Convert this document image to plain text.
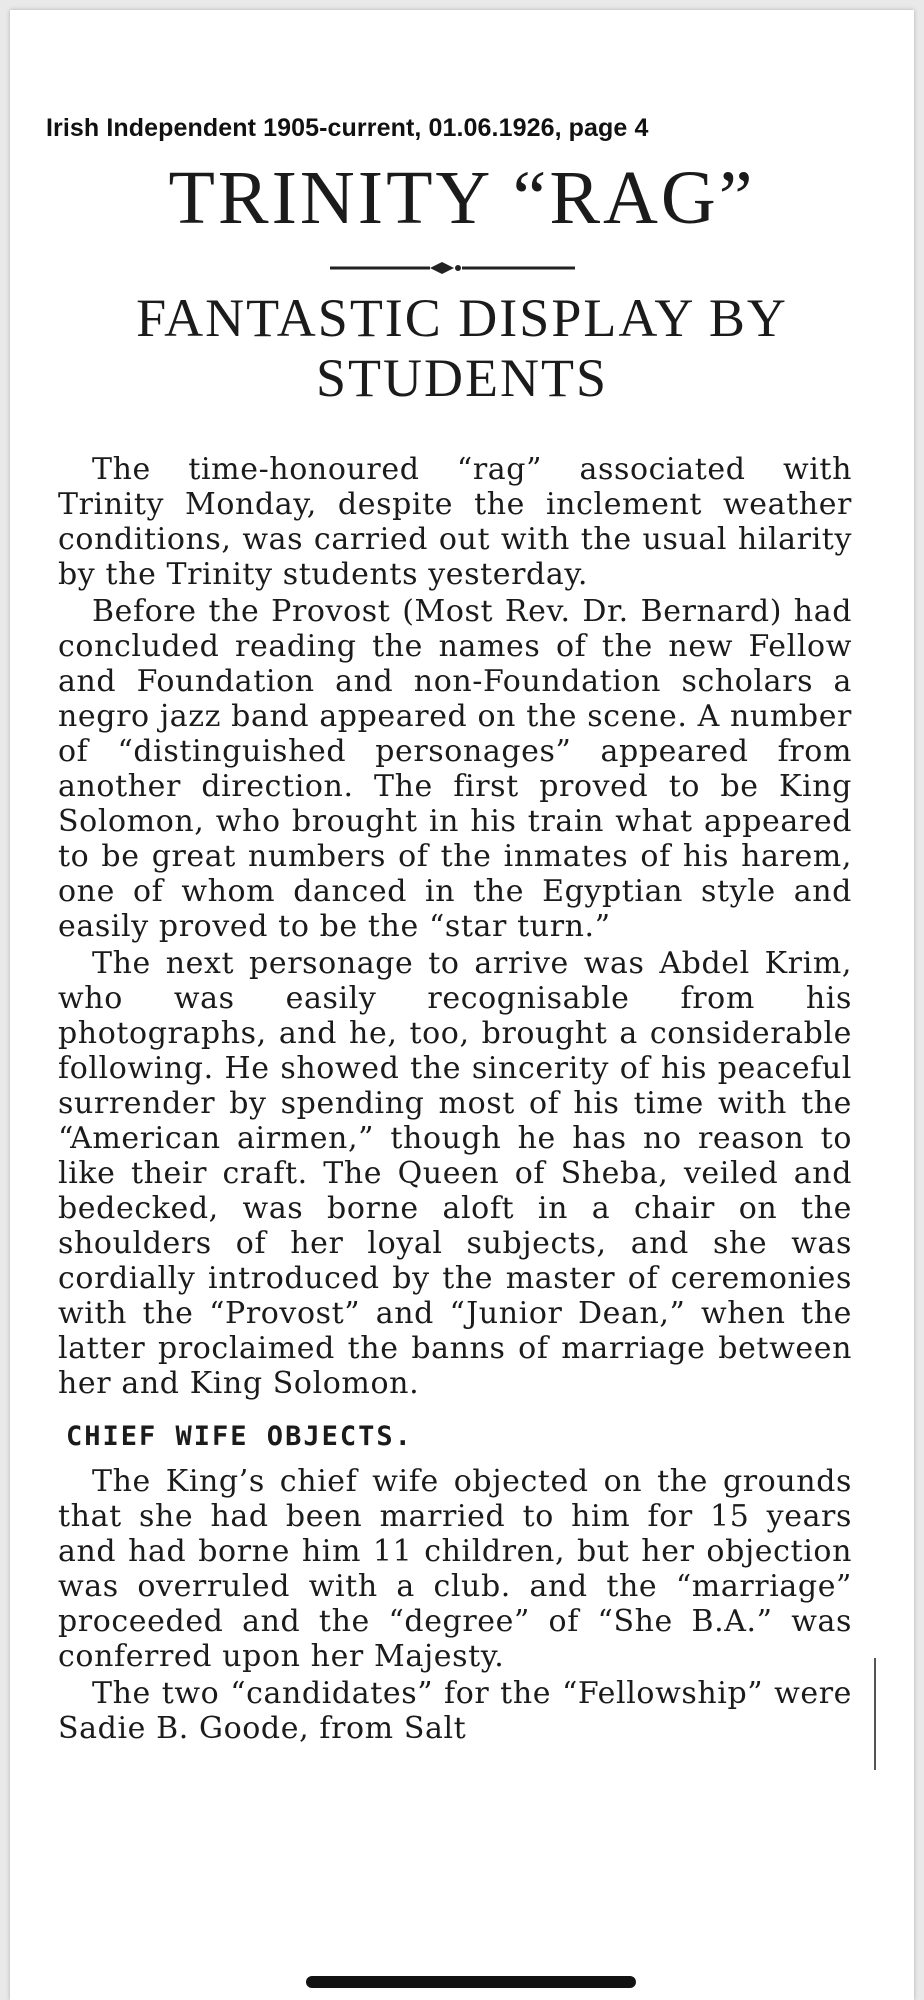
Irish Independent 1905-current, 01.06.1926, page 4
TRINITY “RAG”
FANTASTIC DISPLAY BY
STUDENTS

The time-honoured “rag” associated with Trinity Monday, despite the inclement weather conditions, was carried out with the usual hilarity by the Trinity students yesterday.

Before the Provost (Most Rev. Dr. Bernard) had concluded reading the names of the new Fellow and Foundation and non-Foundation scholars a negro jazz band appeared on the scene. A number of “distinguished personages” appeared from another direction. The first proved to be King Solomon, who brought in his train what appeared to be great numbers of the inmates of his harem, one of whom danced in the Egyptian style and easily proved to be the “star turn.”

The next personage to arrive was Abdel Krim, who was easily recognisable from his photographs, and he, too, brought a considerable following. He showed the sincerity of his peaceful surrender by spending most of his time with the “American airmen,” though he has no reason to like their craft. The Queen of Sheba, veiled and bedecked, was borne aloft in a chair on the shoulders of her loyal subjects, and she was cordially introduced by the master of ceremonies with the “Provost” and “Junior Dean,” when the latter proclaimed the banns of marriage between her and King Solomon.

CHIEF WIFE OBJECTS.

The King’s chief wife objected on the grounds that she had been married to him for 15 years and had borne him 11 children, but her objection was overruled with a club. and the “marriage” proceeded and the “degree” of “She B.A.” was conferred upon her Majesty.

The two “candidates” for the “Fellowship” were Sadie B. Goode, from Salt
